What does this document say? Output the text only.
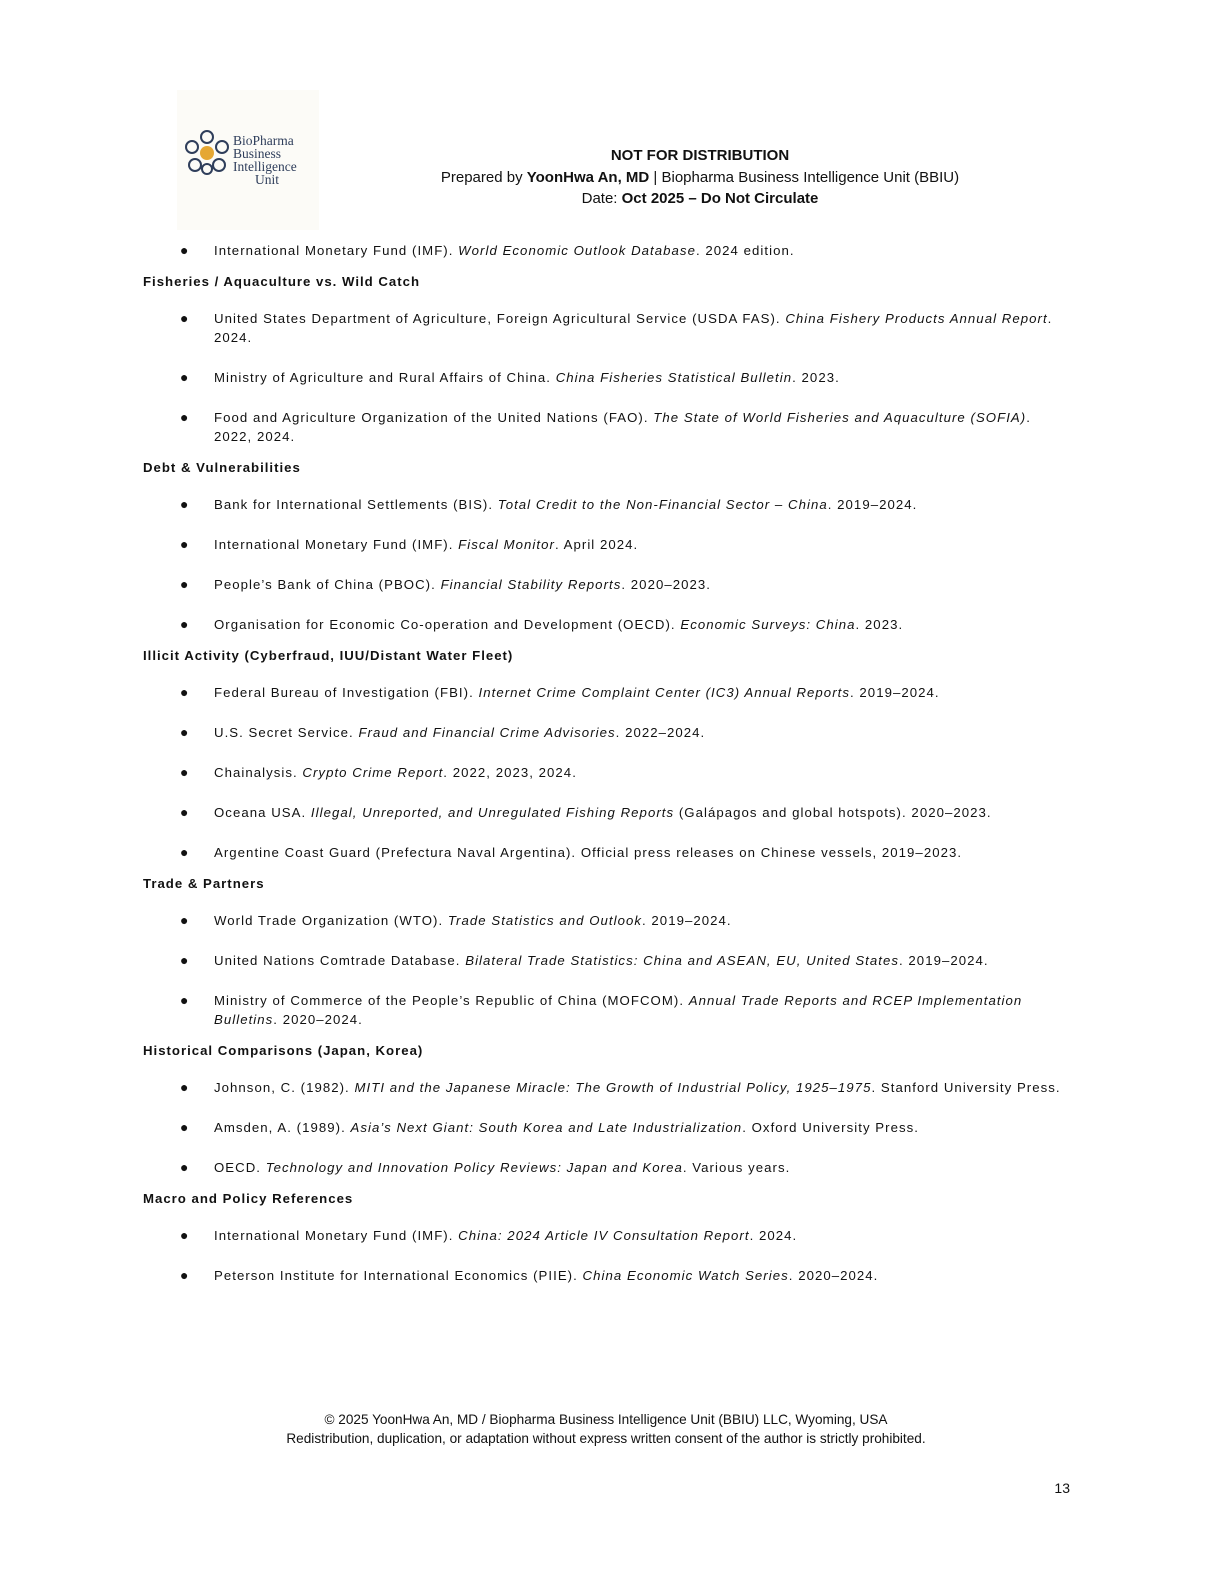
BioPharma
Business
Intelligence
Unit
NOT FOR DISTRIBUTION
Prepared by YoonHwa An, MD | Biopharma Business Intelligence Unit (BBIU)
Date: Oct 2025 – Do Not Circulate
● International Monetary Fund (IMF). World Economic Outlook Database. 2024 edition.
Fisheries / Aquaculture vs. Wild Catch
● United States Department of Agriculture, Foreign Agricultural Service (USDA FAS). China Fishery Products Annual Report. 2024.
● Ministry of Agriculture and Rural Affairs of China. China Fisheries Statistical Bulletin. 2023.
● Food and Agriculture Organization of the United Nations (FAO). The State of World Fisheries and Aquaculture (SOFIA). 2022, 2024.
Debt & Vulnerabilities
● Bank for International Settlements (BIS). Total Credit to the Non-Financial Sector – China. 2019–2024.
● International Monetary Fund (IMF). Fiscal Monitor. April 2024.
● People’s Bank of China (PBOC). Financial Stability Reports. 2020–2023.
● Organisation for Economic Co-operation and Development (OECD). Economic Surveys: China. 2023.
Illicit Activity (Cyberfraud, IUU/Distant Water Fleet)
● Federal Bureau of Investigation (FBI). Internet Crime Complaint Center (IC3) Annual Reports. 2019–2024.
● U.S. Secret Service. Fraud and Financial Crime Advisories. 2022–2024.
● Chainalysis. Crypto Crime Report. 2022, 2023, 2024.
● Oceana USA. Illegal, Unreported, and Unregulated Fishing Reports (Galápagos and global hotspots). 2020–2023.
● Argentine Coast Guard (Prefectura Naval Argentina). Official press releases on Chinese vessels, 2019–2023.
Trade & Partners
● World Trade Organization (WTO). Trade Statistics and Outlook. 2019–2024.
● United Nations Comtrade Database. Bilateral Trade Statistics: China and ASEAN, EU, United States. 2019–2024.
● Ministry of Commerce of the People’s Republic of China (MOFCOM). Annual Trade Reports and RCEP Implementation Bulletins. 2020–2024.
Historical Comparisons (Japan, Korea)
● Johnson, C. (1982). MITI and the Japanese Miracle: The Growth of Industrial Policy, 1925–1975. Stanford University Press.
● Amsden, A. (1989). Asia’s Next Giant: South Korea and Late Industrialization. Oxford University Press.
● OECD. Technology and Innovation Policy Reviews: Japan and Korea. Various years.
Macro and Policy References
● International Monetary Fund (IMF). China: 2024 Article IV Consultation Report. 2024.
● Peterson Institute for International Economics (PIIE). China Economic Watch Series. 2020–2024.
© 2025 YoonHwa An, MD / Biopharma Business Intelligence Unit (BBIU) LLC, Wyoming, USA
Redistribution, duplication, or adaptation without express written consent of the author is strictly prohibited.
13
